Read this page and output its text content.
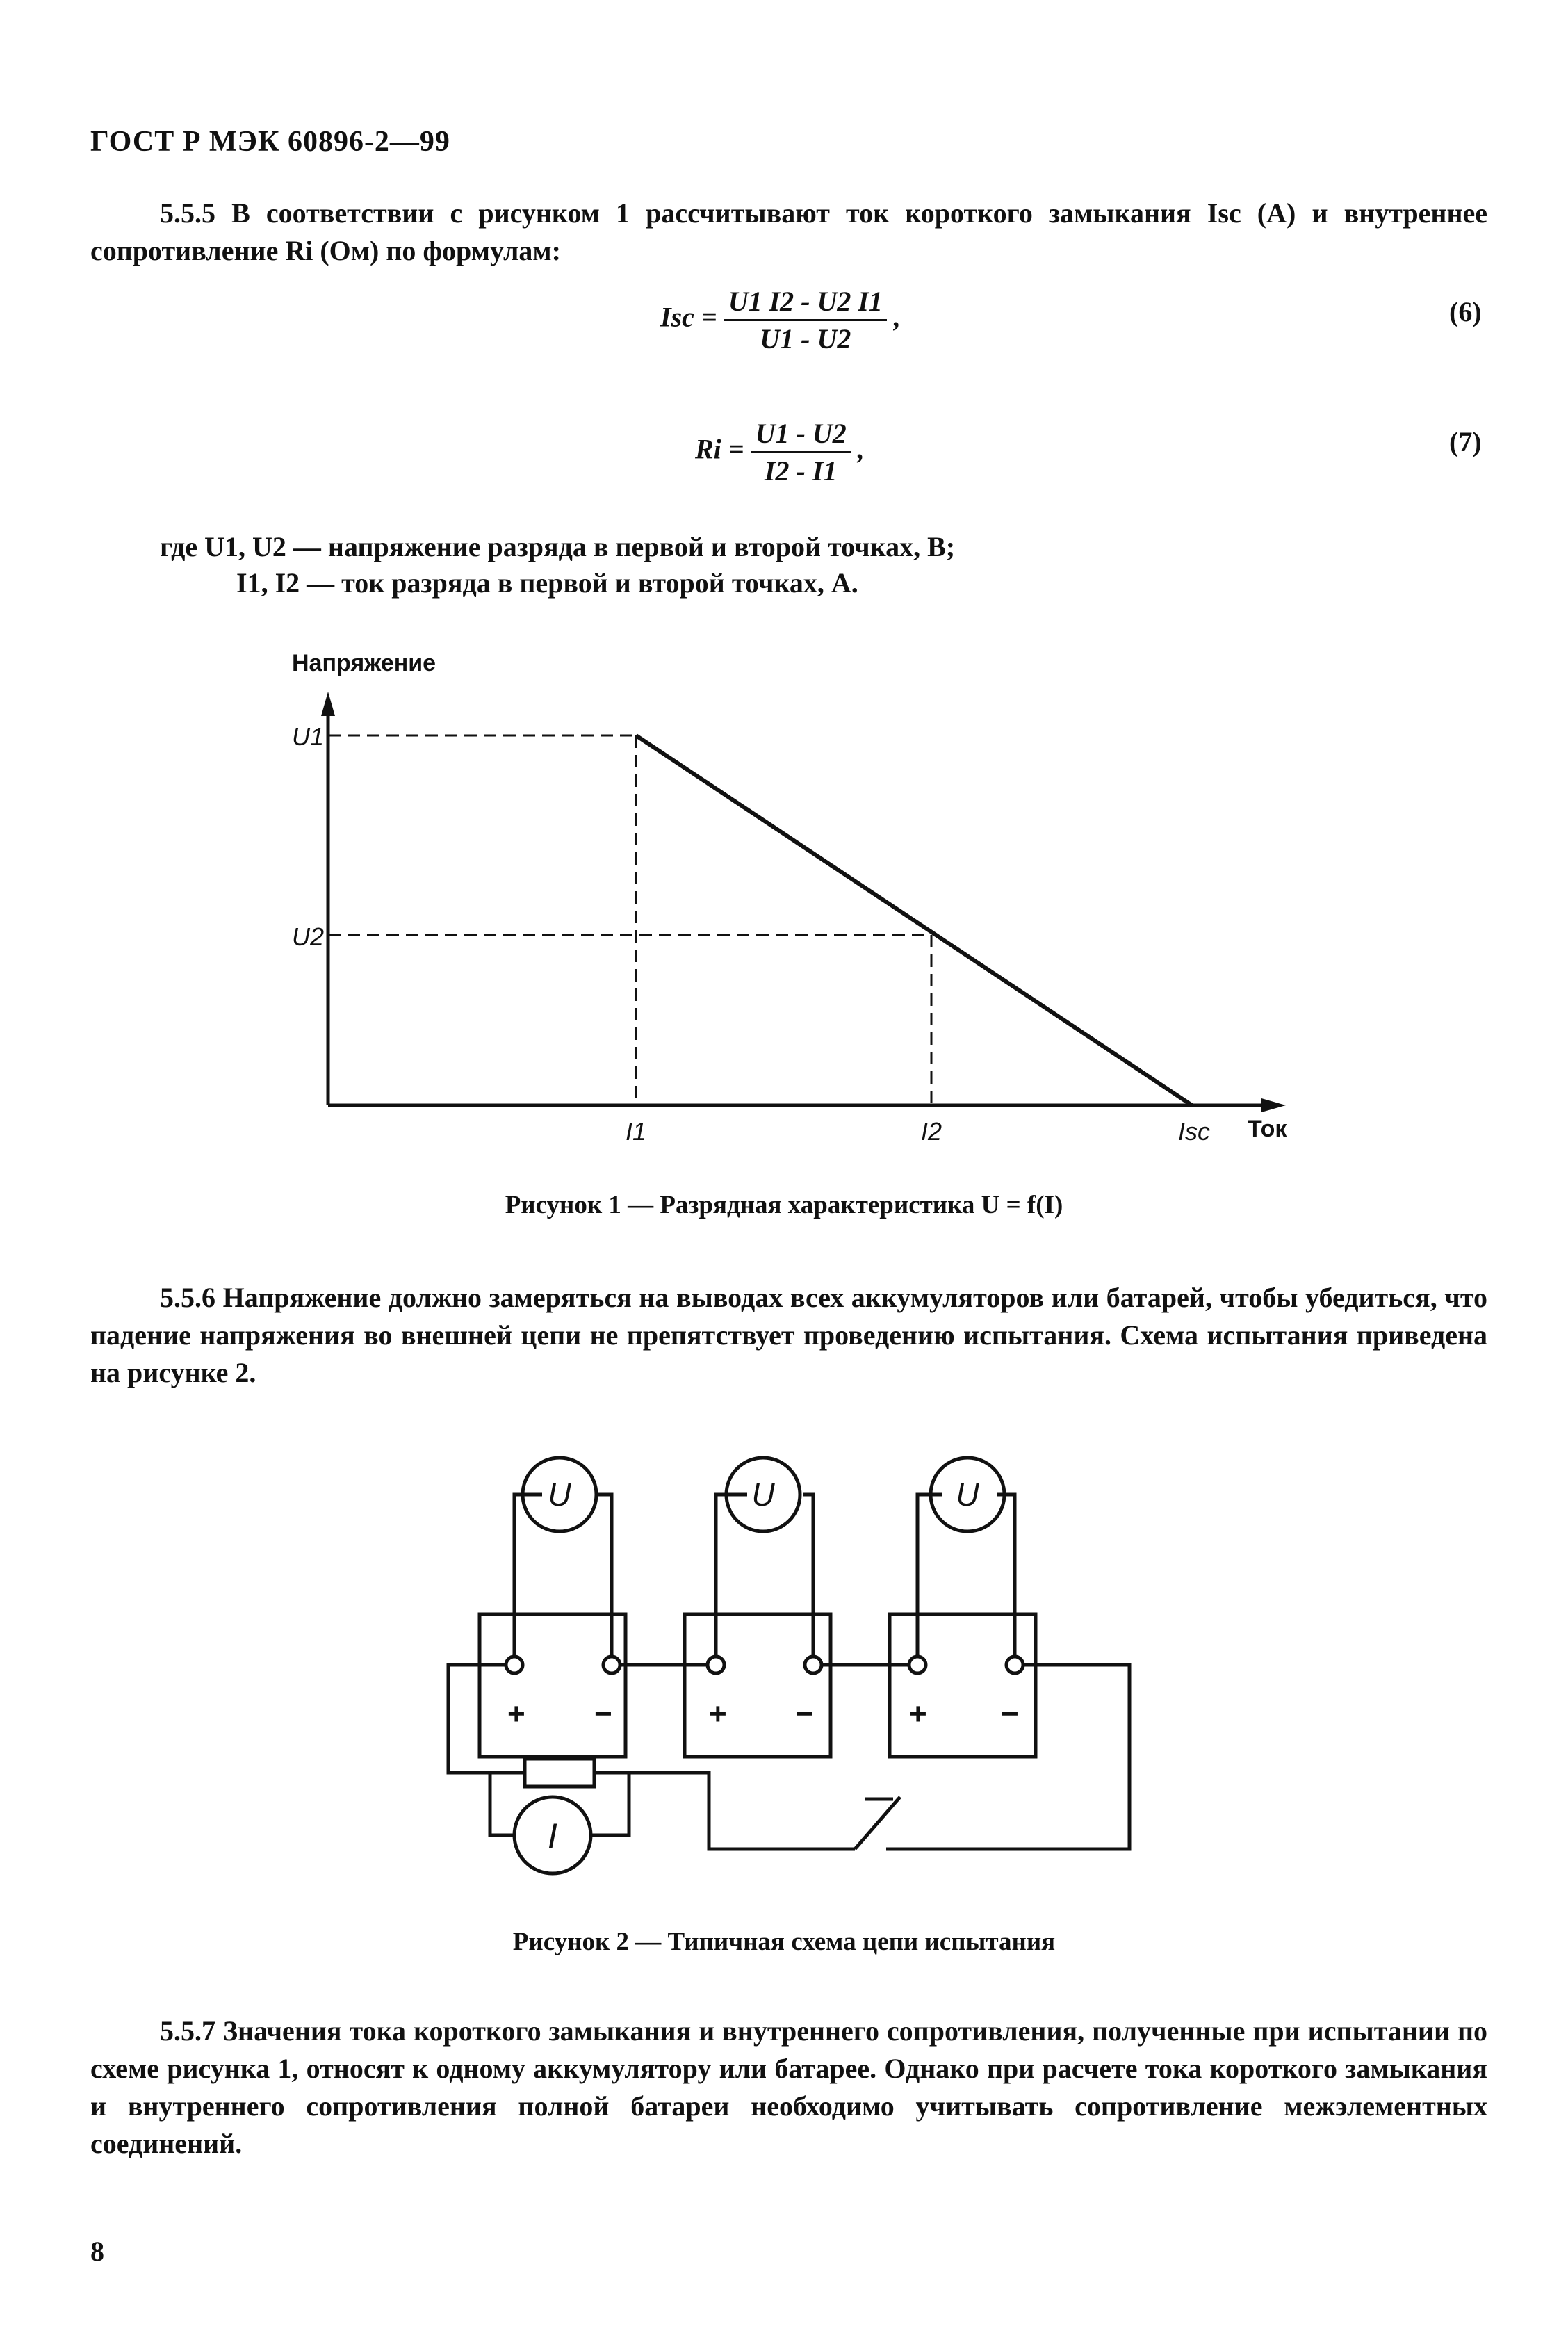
ГОСТ Р МЭК 60896-2—99
5.5.5 В соответствии с рисунком 1 рассчитывают ток короткого замыкания Isc (А) и внутреннее сопротивление Ri (Ом) по формулам:
Isc = $\frac{U1 I2 - U2 I1}{U1 - U2}$ ,	(6)
$Ri = \frac{U1 - U2}{I2 - I1}$ ,	(7)
где U1, U2 — напряжение разряда в первой и второй точках, В;
I1, I2 — ток разряда в первой и второй точках, А.
Напряжение
U1
U2
I1	I2	Isc Ток
Рисунок 1 — Разрядная характеристика U = f(I)
5.5.6 Напряжение должно замеряться на выводах всех аккумуляторов или батарей, чтобы убедиться, что падение напряжения во внешней цепи не препятствует проведению испытания. Схема испытания приведена на рисунке 2.
U	U	U
I
+ −	+ −	+ −
Рисунок 2 — Типичная схема цепи испытания
5.5.7 Значения тока короткого замыкания и внутреннего сопротивления, полученные при испытании по схеме рисунка 1, относят к одному аккумулятору или батарее. Однако при расчете тока короткого замыкания и внутреннего сопротивления полной батареи необходимо учитывать сопротивление межэлементных соединений.
8
